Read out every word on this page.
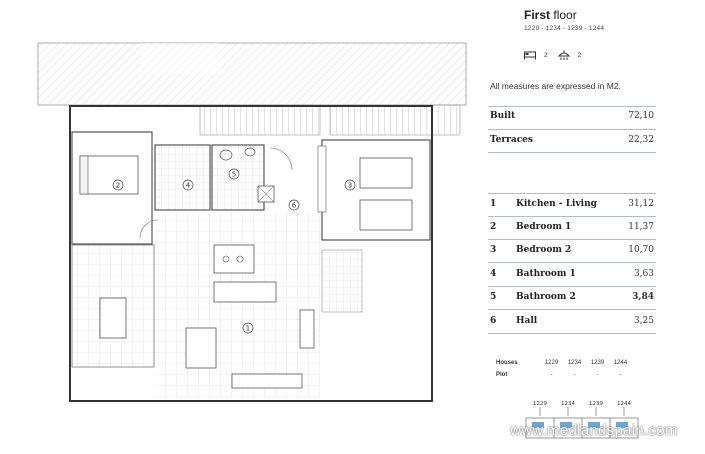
1
2	3
4
5
6
First floor
1229 - 1234 - 1239 - 1244
2	2
All measures are expressed in M2.
Built	72,10
Terraces	22,32
1	Kitchen - Living	31,12
2	Bedroom 1	11,37
3	Bedroom 2	10,70
4	Bathroom 1	3,63
5	Bathroom 2	3,84
6	Hall	3,25
Houses	1229	1234	1239	1244
Plot	-	-	-	-
1229	1234	1239	1244
www.medlandspain.com
